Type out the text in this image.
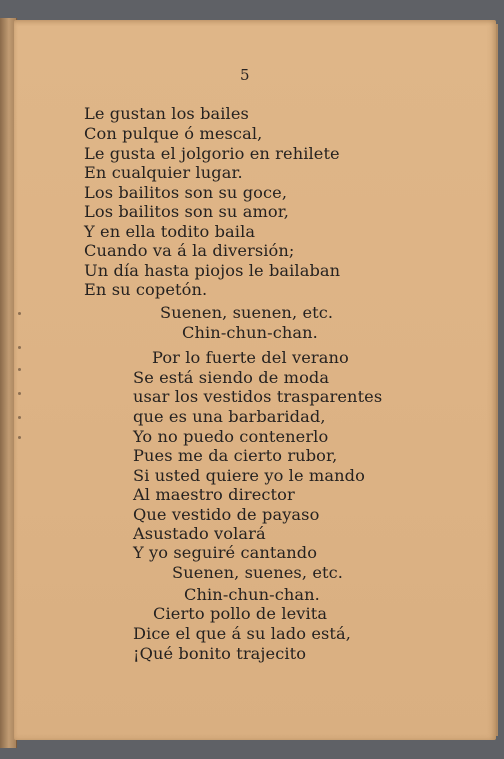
5
Le gustan los bailes
Con pulque ó mescal,
Le gusta el jolgorio en rehilete
En cualquier lugar.
Los bailitos son su goce,
Los bailitos son su amor,
Y en ella todito baila
Cuando va á la diversión;
Un día hasta piojos le bailaban
En su copetón.
Suenen, suenen, etc.
Chin-chun-chan.
Por lo fuerte del verano
Se está siendo de moda
usar los vestidos trasparentes
que es una barbaridad,
Yo no puedo contenerlo
Pues me da cierto rubor,
Si usted quiere yo le mando
Al maestro director
Que vestido de payaso
Asustado volará
Y yo seguiré cantando
Suenen, suenes, etc.
Chin-chun-chan.
Cierto pollo de levita
Dice el que á su lado está,
¡Qué bonito trajecito
